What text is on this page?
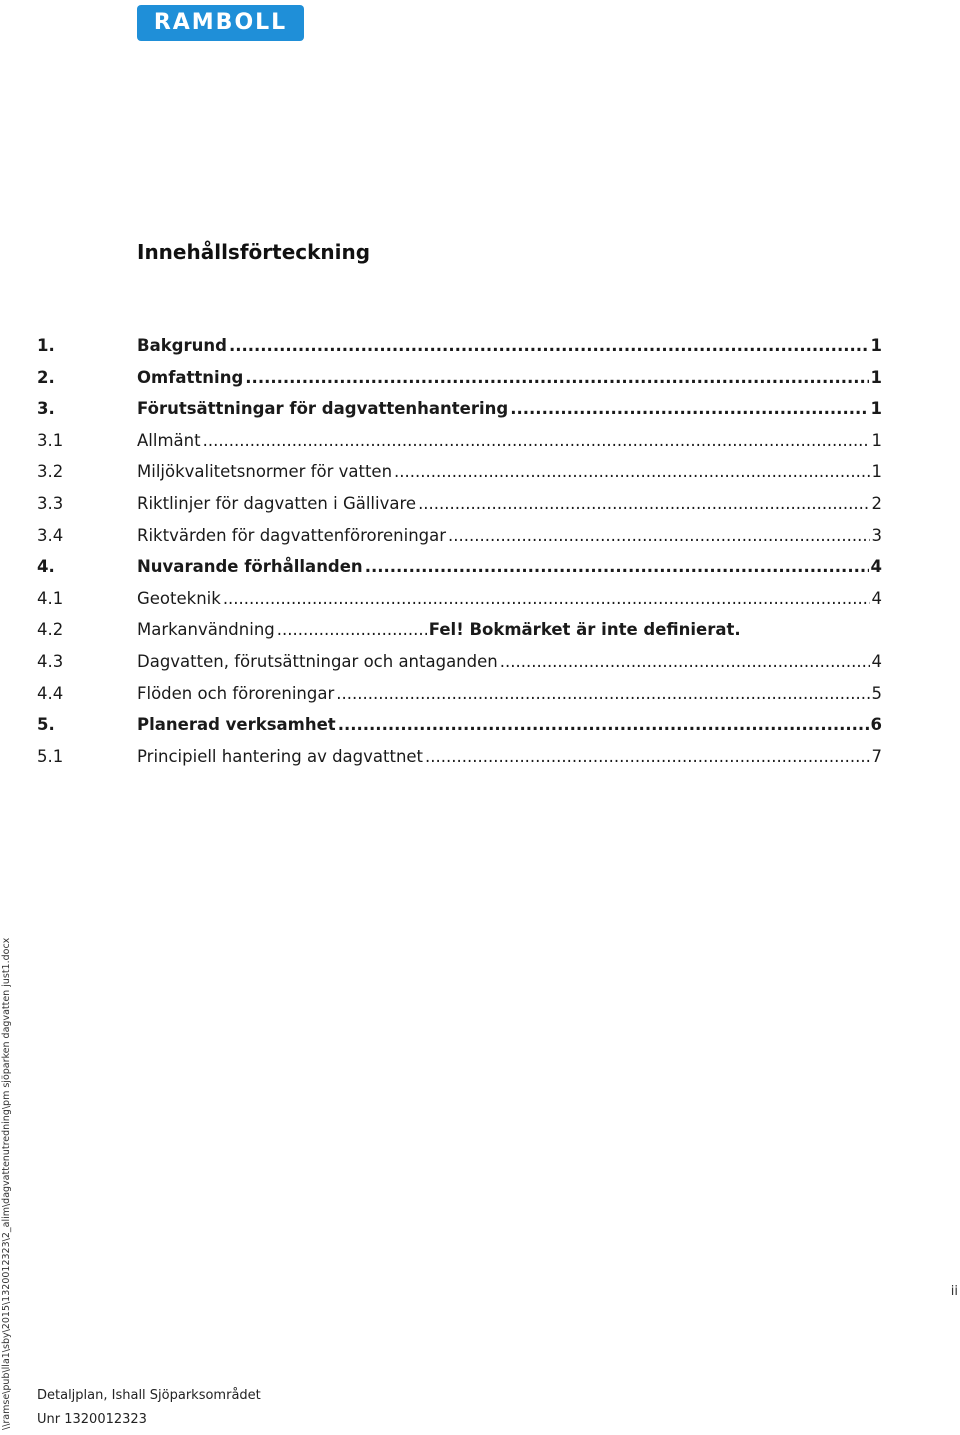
RAMBOLL
Innehållsförteckning
1.	Bakgrund .....	1
2.	Omfattning .....	1
3.	Förutsättningar för dagvattenhantering .....	1
3.1	Allmänt .....	1
3.2	Miljökvalitetsnormer för vatten .....	1
3.3	Riktlinjer för dagvatten i Gällivare .....	2
3.4	Riktvärden för dagvattenföroreningar .....	3
4.	Nuvarande förhållanden .....	4
4.1	Geoteknik .....	4
4.2	Markanvändning .....	Fel! Bokmärket är inte definierat.
4.3	Dagvatten, förutsättningar och antaganden .....	4
4.4	Flöden och föroreningar .....	5
5.	Planerad verksamhet .....	6
5.1	Principiell hantering av dagvattnet .....	7
ii
Detaljplan, Ishall Sjöparksområdet
Unr 1320012323
\\ramse\pub\lla1\sby\2015\1320012323\2_alim\dagvattenutredning\pm sjöparken dagvatten just1.docx
